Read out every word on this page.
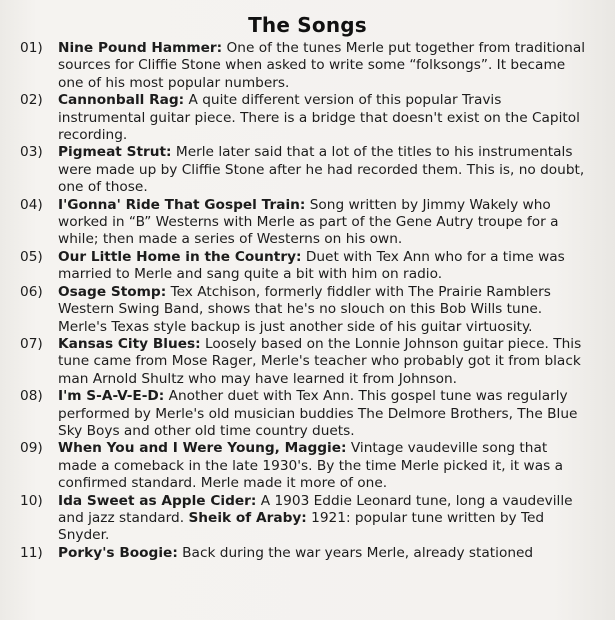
The Songs
01) Nine Pound Hammer: One of the tunes Merle put together from traditional sources for Cliffie Stone when asked to write some “folksongs”. It became one of his most popular numbers.
02) Cannonball Rag: A quite different version of this popular Travis instrumental guitar piece. There is a bridge that doesn't exist on the Capitol recording.
03) Pigmeat Strut: Merle later said that a lot of the titles to his instrumentals were made up by Cliffie Stone after he had recorded them. This is, no doubt, one of those.
04) I'Gonna' Ride That Gospel Train: Song written by Jimmy Wakely who worked in “B” Westerns with Merle as part of the Gene Autry troupe for a while; then made a series of Westerns on his own.
05) Our Little Home in the Country: Duet with Tex Ann who for a time was married to Merle and sang quite a bit with him on radio.
06) Osage Stomp: Tex Atchison, formerly fiddler with The Prairie Ramblers Western Swing Band, shows that he's no slouch on this Bob Wills tune. Merle's Texas style backup is just another side of his guitar virtuosity.
07) Kansas City Blues: Loosely based on the Lonnie Johnson guitar piece. This tune came from Mose Rager, Merle's teacher who probably got it from black man Arnold Shultz who may have learned it from Johnson.
08) I'm S-A-V-E-D: Another duet with Tex Ann. This gospel tune was regularly performed by Merle's old musician buddies The Delmore Brothers, The Blue Sky Boys and other old time country duets.
09) When You and I Were Young, Maggie: Vintage vaudeville song that made a comeback in the late 1930's. By the time Merle picked it, it was a confirmed standard. Merle made it more of one.
10) Ida Sweet as Apple Cider: A 1903 Eddie Leonard tune, long a vaudeville and jazz standard. Sheik of Araby: 1921: popular tune written by Ted Snyder.
11) Porky's Boogie: Back during the war years Merle, already stationed
